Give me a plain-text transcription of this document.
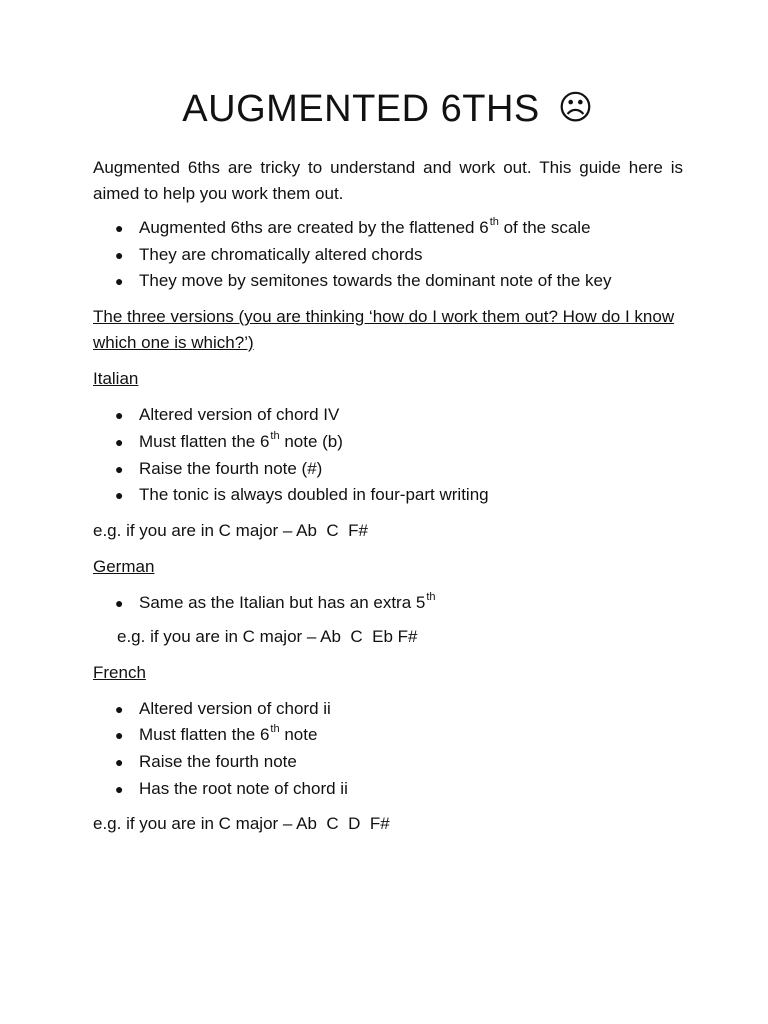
AUGMENTED 6THS ☹

Augmented 6ths are tricky to understand and work out. This guide here is aimed to help you work them out.

● Augmented 6ths are created by the flattened 6th of the scale
● They are chromatically altered chords
● They move by semitones towards the dominant note of the key

The three versions (you are thinking ‘how do I work them out? How do I know which one is which?’)

Italian

● Altered version of chord IV
● Must flatten the 6th note (b)
● Raise the fourth note (#)
● The tonic is always doubled in four-part writing

e.g. if you are in C major – Ab  C  F#

German

● Same as the Italian but has an extra 5th

e.g. if you are in C major – Ab  C  Eb F#

French

● Altered version of chord ii
● Must flatten the 6th note
● Raise the fourth note
● Has the root note of chord ii

e.g. if you are in C major – Ab  C  D  F#
